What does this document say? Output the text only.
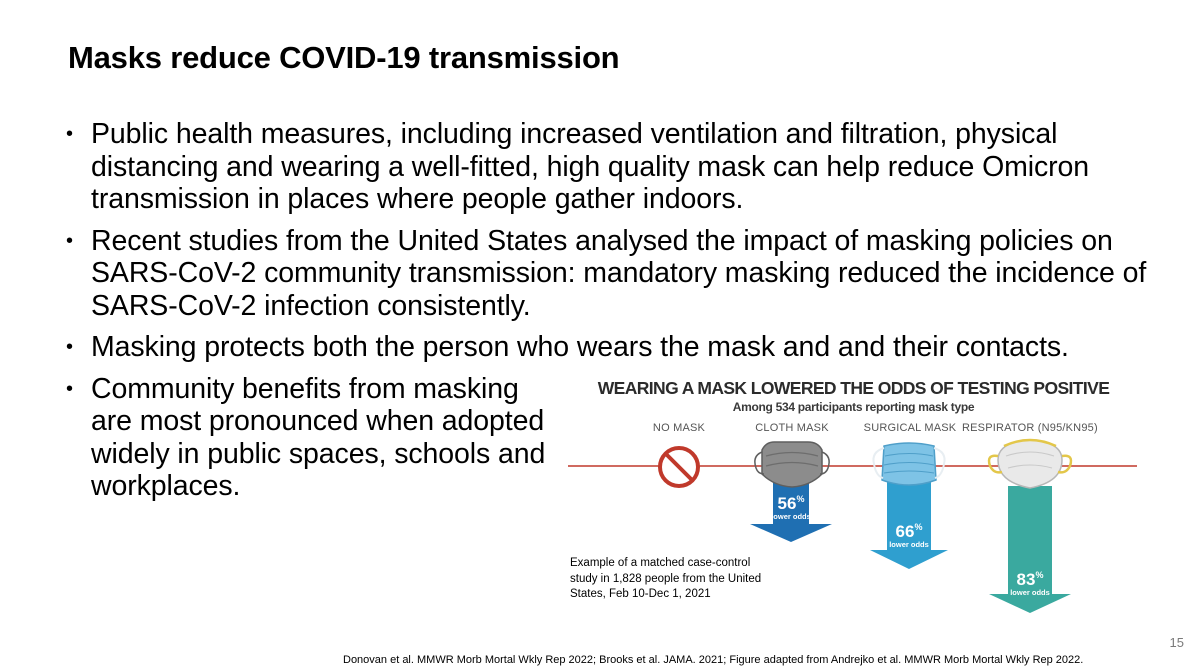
Masks reduce COVID-19 transmission
• Public health measures, including increased ventilation and filtration, physical distancing and wearing a well-fitted, high quality mask can help reduce Omicron transmission in places where people gather indoors.
• Recent studies from the United States analysed the impact of masking policies on SARS-CoV-2 community transmission: mandatory masking reduced the incidence of SARS-CoV-2 infection consistently.
• Masking protects both the person who wears the mask and and their contacts.
• Community benefits from masking are most pronounced when adopted widely in public spaces, schools and workplaces.
WEARING A MASK LOWERED THE ODDS OF TESTING POSITIVE
Among 534 participants reporting mask type
NO MASK	CLOTH MASK	SURGICAL MASK RESPIRATOR (N95/KN95)
56%
lower odds
66%
lower odds
83%
lower odds
Example of a matched case-control study in 1,828 people from the United States, Feb 10-Dec 1, 2021
Donovan et al. MMWR Morb Mortal Wkly Rep 2022; Brooks et al. JAMA. 2021; Figure adapted from Andrejko et al. MMWR Morb Mortal Wkly Rep 2022.
15
